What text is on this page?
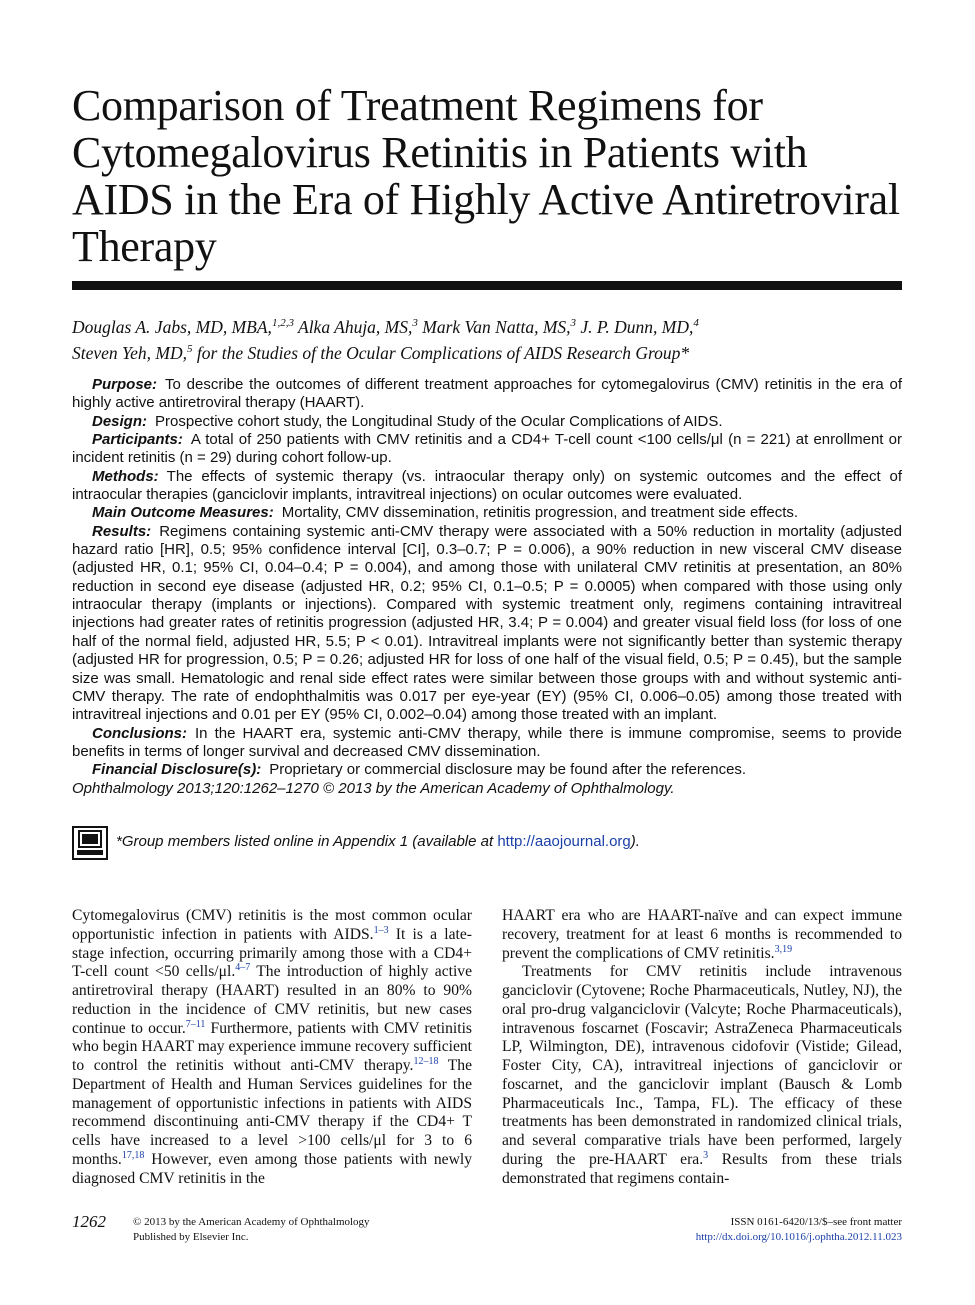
Comparison of Treatment Regimens for Cytomegalovirus Retinitis in Patients with AIDS in the Era of Highly Active Antiretroviral Therapy
Douglas A. Jabs, MD, MBA,$^{1,2,3}$ Alka Ahuja, MS,$^3$ Mark Van Natta, MS,$^3$ J. P. Dunn, MD,$^4$
Steven Yeh, MD,$^5$ for the Studies of the Ocular Complications of AIDS Research Group*

Purpose: To describe the outcomes of different treatment approaches for cytomegalovirus (CMV) retinitis in the era of highly active antiretroviral therapy (HAART).

Design: Prospective cohort study, the Longitudinal Study of the Ocular Complications of AIDS.

Participants: A total of 250 patients with CMV retinitis and a CD4+ T-cell count <100 cells/μl (n = 221) at enrollment or incident retinitis (n = 29) during cohort follow-up.

Methods: The effects of systemic therapy (vs. intraocular therapy only) on systemic outcomes and the effect of intraocular therapies (ganciclovir implants, intravitreal injections) on ocular outcomes were evaluated.

Main Outcome Measures: Mortality, CMV dissemination, retinitis progression, and treatment side effects.

Results: Regimens containing systemic anti-CMV therapy were associated with a 50% reduction in mortality (adjusted hazard ratio [HR], 0.5; 95% confidence interval [CI], 0.3–0.7; P = 0.006), a 90% reduction in new visceral CMV disease (adjusted HR, 0.1; 95% CI, 0.04–0.4; P = 0.004), and among those with unilateral CMV retinitis at presentation, an 80% reduction in second eye disease (adjusted HR, 0.2; 95% CI, 0.1–0.5; P = 0.0005) when compared with those using only intraocular therapy (implants or injections). Compared with systemic treatment only, regimens containing intravitreal injections had greater rates of retinitis progression (adjusted HR, 3.4; P = 0.004) and greater visual field loss (for loss of one half of the normal field, adjusted HR, 5.5; P < 0.01). Intravitreal implants were not significantly better than systemic therapy (adjusted HR for progression, 0.5; P = 0.26; adjusted HR for loss of one half of the visual field, 0.5; P = 0.45), but the sample size was small. Hematologic and renal side effect rates were similar between those groups with and without systemic anti-CMV therapy. The rate of endophthalmitis was 0.017 per eye-year (EY) (95% CI, 0.006–0.05) among those treated with intravitreal injections and 0.01 per EY (95% CI, 0.002–0.04) among those treated with an implant.

Conclusions: In the HAART era, systemic anti-CMV therapy, while there is immune compromise, seems to provide benefits in terms of longer survival and decreased CMV dissemination.

Financial Disclosure(s): Proprietary or commercial disclosure may be found after the references.

Ophthalmology 2013;120:1262–1270 © 2013 by the American Academy of Ophthalmology.

*Group members listed online in Appendix 1 (available at http://aaojournal.org).

Cytomegalovirus (CMV) retinitis is the most common ocular opportunistic infection in patients with AIDS.$^{1-3}$ It is a late-stage infection, occurring primarily among those with a CD4+ T-cell count <50 cells/μl.$^{4-7}$ The introduction of highly active antiretroviral therapy (HAART) resulted in an 80% to 90% reduction in the incidence of CMV retinitis, but new cases continue to occur.$^{7-11}$ Furthermore, patients with CMV retinitis who begin HAART may experience immune recovery sufficient to control the retinitis without anti-CMV therapy.$^{12-18}$ The Department of Health and Human Services guidelines for the management of opportunistic infections in patients with AIDS recommend discontinuing anti-CMV therapy if the CD4+ T cells have increased to a level >100 cells/μl for 3 to 6 months.$^{17,18}$ However, even among those patients with newly diagnosed CMV retinitis in the

HAART era who are HAART-naïve and can expect immune recovery, treatment for at least 6 months is recommended to prevent the complications of CMV retinitis.$^{3,19}$

Treatments for CMV retinitis include intravenous ganciclovir (Cytovene; Roche Pharmaceuticals, Nutley, NJ), the oral pro-drug valganciclovir (Valcyte; Roche Pharmaceuticals), intravenous foscarnet (Foscavir; AstraZeneca Pharmaceuticals LP, Wilmington, DE), intravenous cidofovir (Vistide; Gilead, Foster City, CA), intravitreal injections of ganciclovir or foscarnet, and the ganciclovir implant (Bausch & Lomb Pharmaceuticals Inc., Tampa, FL). The efficacy of these treatments has been demonstrated in randomized clinical trials, and several comparative trials have been performed, largely during the pre-HAART era.$^3$ Results from these trials demonstrated that regimens contain-

1262 © 2013 by the American Academy of Ophthalmology
Published by Elsevier Inc.
ISSN 0161-6420/13/$–see front matter
http://dx.doi.org/10.1016/j.ophtha.2012.11.023
